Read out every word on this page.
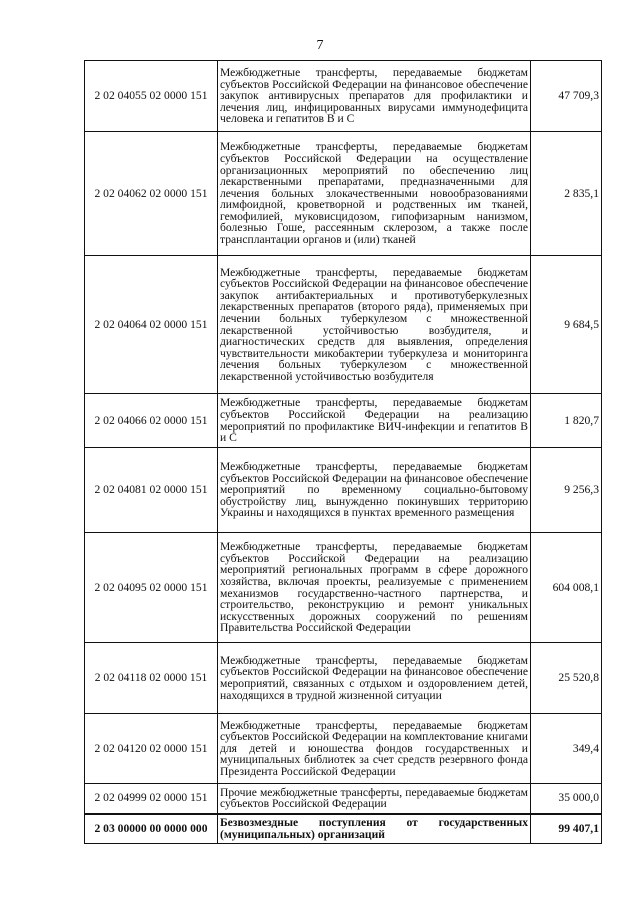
7
2 02 04055 02 0000 151	Межбюджетные трансферты, передаваемые бюджетам субъектов Российской Федерации на финансовое обеспечение закупок антивирусных препаратов для профилактики и лечения лиц, инфицированных вирусами иммунодефицита человека и гепатитов В и С	47 709,3
2 02 04062 02 0000 151	Межбюджетные трансферты, передаваемые бюджетам субъектов Российской Федерации на осуществление организационных мероприятий по обеспечению лиц лекарственными препаратами, предназначенными для лечения больных злокачественными новообразованиями лимфоидной, кроветворной и родственных им тканей, гемофилией, муковисцидозом, гипофизарным нанизмом, болезнью Гоше, рассеянным склерозом, а также после трансплантации органов и (или) тканей	2 835,1
2 02 04064 02 0000 151	Межбюджетные трансферты, передаваемые бюджетам субъектов Российской Федерации на финансовое обеспечение закупок антибактериальных и противотуберкулезных лекарственных препаратов (второго ряда), применяемых при лечении больных туберкулезом с множественной лекарственной устойчивостью возбудителя, и диагностических средств для выявления, определения чувствительности микобактерии туберкулеза и мониторинга лечения больных туберкулезом с множественной лекарственной устойчивостью возбудителя	9 684,5
2 02 04066 02 0000 151	Межбюджетные трансферты, передаваемые бюджетам субъектов Российской Федерации на реализацию мероприятий по профилактике ВИЧ-инфекции и гепатитов В и С	1 820,7
2 02 04081 02 0000 151	Межбюджетные трансферты, передаваемые бюджетам субъектов Российской Федерации на финансовое обеспечение мероприятий по временному социально-бытовому обустройству лиц, вынужденно покинувших территорию Украины и находящихся в пунктах временного размещения	9 256,3
2 02 04095 02 0000 151	Межбюджетные трансферты, передаваемые бюджетам субъектов Российской Федерации на реализацию мероприятий региональных программ в сфере дорожного хозяйства, включая проекты, реализуемые с применением механизмов государственно-частного партнерства, и строительство, реконструкцию и ремонт уникальных искусственных дорожных сооружений по решениям Правительства Российской Федерации	604 008,1
2 02 04118 02 0000 151	Межбюджетные трансферты, передаваемые бюджетам субъектов Российской Федерации на финансовое обеспечение мероприятий, связанных с отдыхом и оздоровлением детей, находящихся в трудной жизненной ситуации	25 520,8
2 02 04120 02 0000 151	Межбюджетные трансферты, передаваемые бюджетам субъектов Российской Федерации на комплектование книгами для детей и юношества фондов государственных и муниципальных библиотек за счет средств резервного фонда Президента Российской Федерации	349,4
2 02 04999 02 0000 151	Прочие межбюджетные трансферты, передаваемые бюджетам субъектов Российской Федерации	35 000,0
2 03 00000 00 0000 000	Безвозмездные поступления от государственных (муниципальных) организаций	99 407,1
